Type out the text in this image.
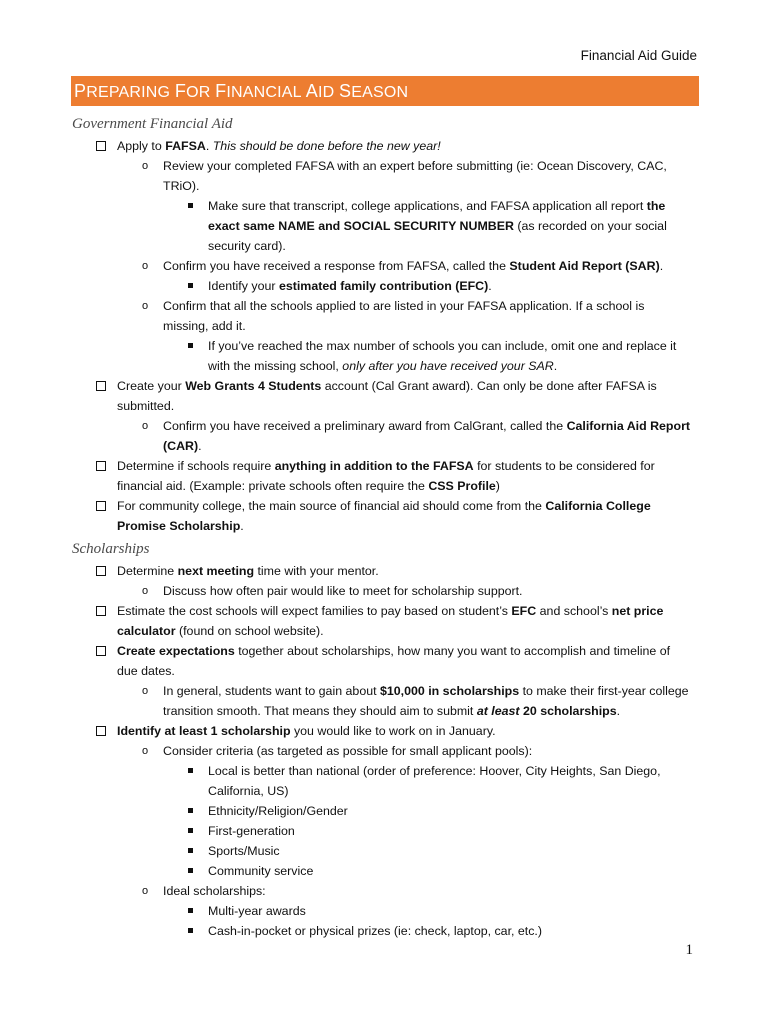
Financial Aid Guide
PREPARING FOR FINANCIAL AID SEASON
Government Financial Aid
Scholarships
Apply to FAFSA. This should be done before the new year!
o Review your completed FAFSA with an expert before submitting (ie: Ocean Discovery, CAC,
TRiO).
Make sure that transcript, college applications, and FAFSA application all report the
exact same NAME and SOCIAL SECURITY NUMBER (as recorded on your social
security card).
o Confirm you have received a response from FAFSA, called the Student Aid Report (SAR).
Identify your estimated family contribution (EFC).
o Confirm that all the schools applied to are listed in your FAFSA application. If a school is
missing, add it.
If you’ve reached the max number of schools you can include, omit one and replace it
with the missing school, only after you have received your SAR.
Create your Web Grants 4 Students account (Cal Grant award). Can only be done after FAFSA is
submitted.
o Confirm you have received a preliminary award from CalGrant, called the California Aid Report
(CAR).
Determine if schools require anything in addition to the FAFSA for students to be considered for
financial aid. (Example: private schools often require the CSS Profile)
For community college, the main source of financial aid should come from the California College
Promise Scholarship.
Determine next meeting time with your mentor.
o Discuss how often pair would like to meet for scholarship support.
Estimate the cost schools will expect families to pay based on student’s EFC and school’s net price
calculator (found on school website).
Create expectations together about scholarships, how many you want to accomplish and timeline of
due dates.
o In general, students want to gain about $10,000 in scholarships to make their first-year college
transition smooth. That means they should aim to submit at least 20 scholarships.
Identify at least 1 scholarship you would like to work on in January.
o Consider criteria (as targeted as possible for small applicant pools):
Local is better than national (order of preference: Hoover, City Heights, San Diego,
California, US)
Ethnicity/Religion/Gender
First-generation
Sports/Music
Community service
o Ideal scholarships:
Multi-year awards
Cash-in-pocket or physical prizes (ie: check, laptop, car, etc.)
1
